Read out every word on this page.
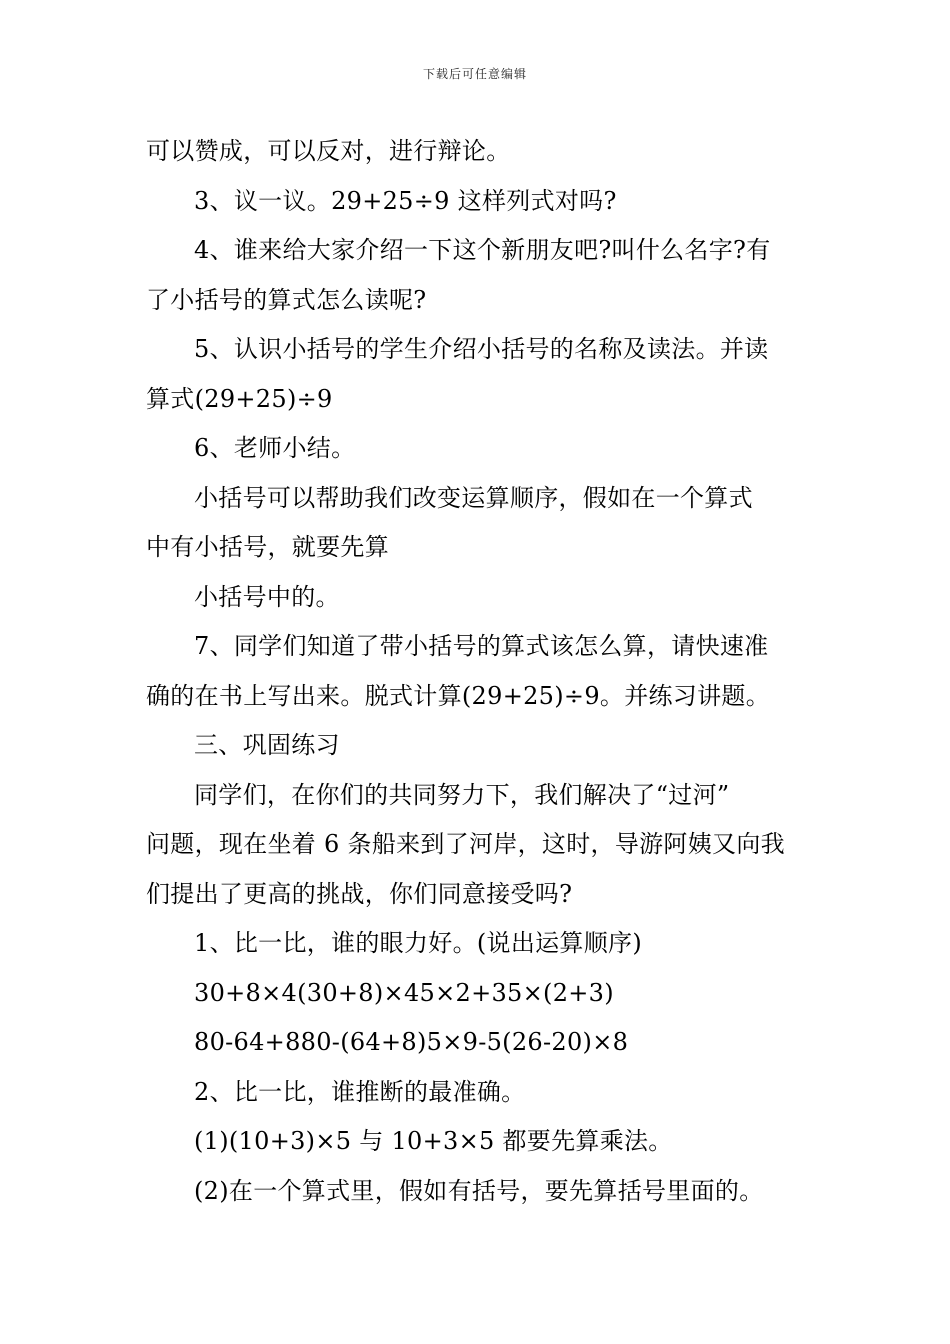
下载后可任意编辑
可以赞成，可以反对，进行辩论。
3、议一议。29+25÷9 这样列式对吗?
4、谁来给大家介绍一下这个新朋友吧?叫什么名字?有
了小括号的算式怎么读呢?
5、认识小括号的学生介绍小括号的名称及读法。并读
算式(29+25)÷9
6、老师小结。
小括号可以帮助我们改变运算顺序，假如在一个算式
中有小括号，就要先算
小括号中的。
7、同学们知道了带小括号的算式该怎么算，请快速准
确的在书上写出来。脱式计算(29+25)÷9。并练习讲题。
三、巩固练习
同学们，在你们的共同努力下，我们解决了“过河”
问题，现在坐着 6 条船来到了河岸，这时，导游阿姨又向我
们提出了更高的挑战，你们同意接受吗?
1、比一比，谁的眼力好。(说出运算顺序)
30+8×4(30+8)×45×2+35×(2+3)
80-64+880-(64+8)5×9-5(26-20)×8
2、比一比，谁推断的最准确。
(1)(10+3)×5 与 10+3×5 都要先算乘法。
(2)在一个算式里，假如有括号，要先算括号里面的。
